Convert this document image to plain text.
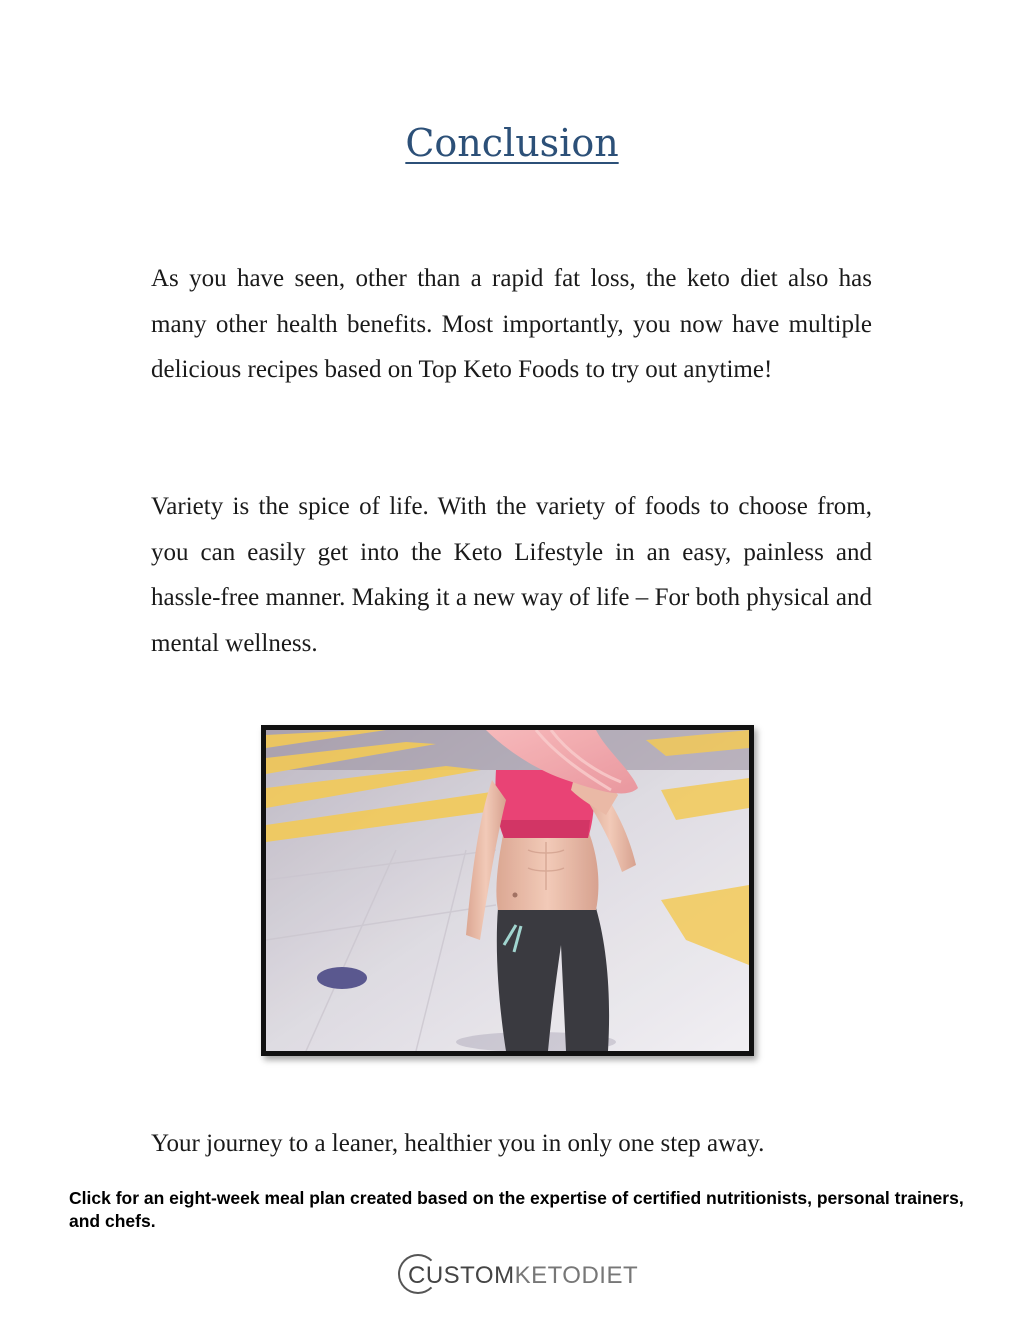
Conclusion

As you have seen, other than a rapid fat loss, the keto diet also has many other health benefits. Most importantly, you now have multiple delicious recipes based on Top Keto Foods to try out anytime!

Variety is the spice of life. With the variety of foods to choose from, you can easily get into the Keto Lifestyle in an easy, painless and hassle-free manner. Making it a new way of life – For both physical and mental wellness.

Your journey to a leaner, healthier you in only one step away.

Click for an eight-week meal plan created based on the expertise of certified nutritionists, personal trainers, and chefs.

CUSTOM KETODIET
